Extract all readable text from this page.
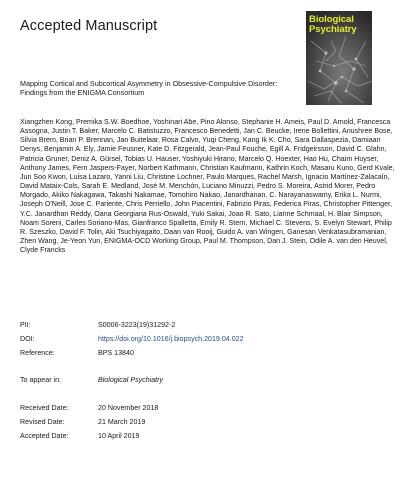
Accepted Manuscript	Biological
Psychiatry
Mapping Cortical and Subcortical Asymmetry in Obsessive-Compulsive Disorder: Findings from the ENIGMA Consortium
Xiangzhen Kong, Premika S.W. Boedhoe, Yoshinari Abe, Pino Alonso, Stephanie H. Ameis, Paul D. Arnold, Francesca Assogna, Justin T. Baker, Marcelo C. Batistuzzo, Francesco Benedetti, Jan C. Beucke, Irene Bollettini, Anushree Bose, Silvia Brem, Brian P. Brennan, Jan Buitelaar, Rosa Calvo, Yuqi Cheng, Kang Ik K. Cho, Sara Dallaspezia, Damiaan Denys, Benjamin A. Ely, Jamie Feusner, Kate D. Fitzgerald, Jean-Paul Fouche, Egill A. Fridgeirsson, David C. Glahn, Patricia Gruner, Deniz A. Gürsel, Tobias U. Hauser, Yoshiyuki Hirano, Marcelo Q. Hoexter, Hao Hu, Chaim Huyser, Anthony James, Fern Jaspers-Fayer, Norbert Kathmann, Christian Kaufmann, Kathrin Koch, Masaru Kuno, Gerd Kvale, Jun Soo Kwon, Luisa Lazaro, Yanni Liu, Christine Lochner, Paulo Marques, Rachel Marsh, Ignacio Martínez-Zalacaín, David Mataix-Cols, Sarah E. Medland, José M. Menchón, Luciano Minuzzi, Pedro S. Moreira, Astrid Morer, Pedro Morgado, Akiko Nakagawa, Takashi Nakamae, Tomohiro Nakao, Janardhanan. C. Narayanaswamy, Erika L. Nurmi, Joseph O'Neill, Jose C. Pariente, Chris Perriello, John Piacentini, Fabrizio Piras, Federica Piras, Christopher Pittenger, Y.C. Janardhan Reddy, Oana Georgiana Rus-Oswald, Yuki Sakai, Joao R. Sato, Lianne Schmaal, H. Blair Simpson, Noam Soreni, Carles Soriano-Mas, Gianfranco Spalletta, Emily R. Stern, Michael C. Stevens, S. Evelyn Stewart, Philip R. Szeszko, David F. Tolin, Aki Tsuchiyagaito, Daan van Rooij, Guido A. van Wingen, Ganesan Venkatasubramanian, Zhen Wang, Je-Yeon Yun, ENIGMA-OCD Working Group, Paul M. Thompson, Dan J. Stein, Odile A. van den Heuvel, Clyde Francks
PII:	S0006-3223(19)31292-2
DOI:	https://doi.org/10.1016/j.biopsych.2019.04.022
Reference:	BPS 13840
To appear in:	Biological Psychiatry
Received Date:	20 November 2018
Revised Date:	21 March 2019
Accepted Date:	10 April 2019
